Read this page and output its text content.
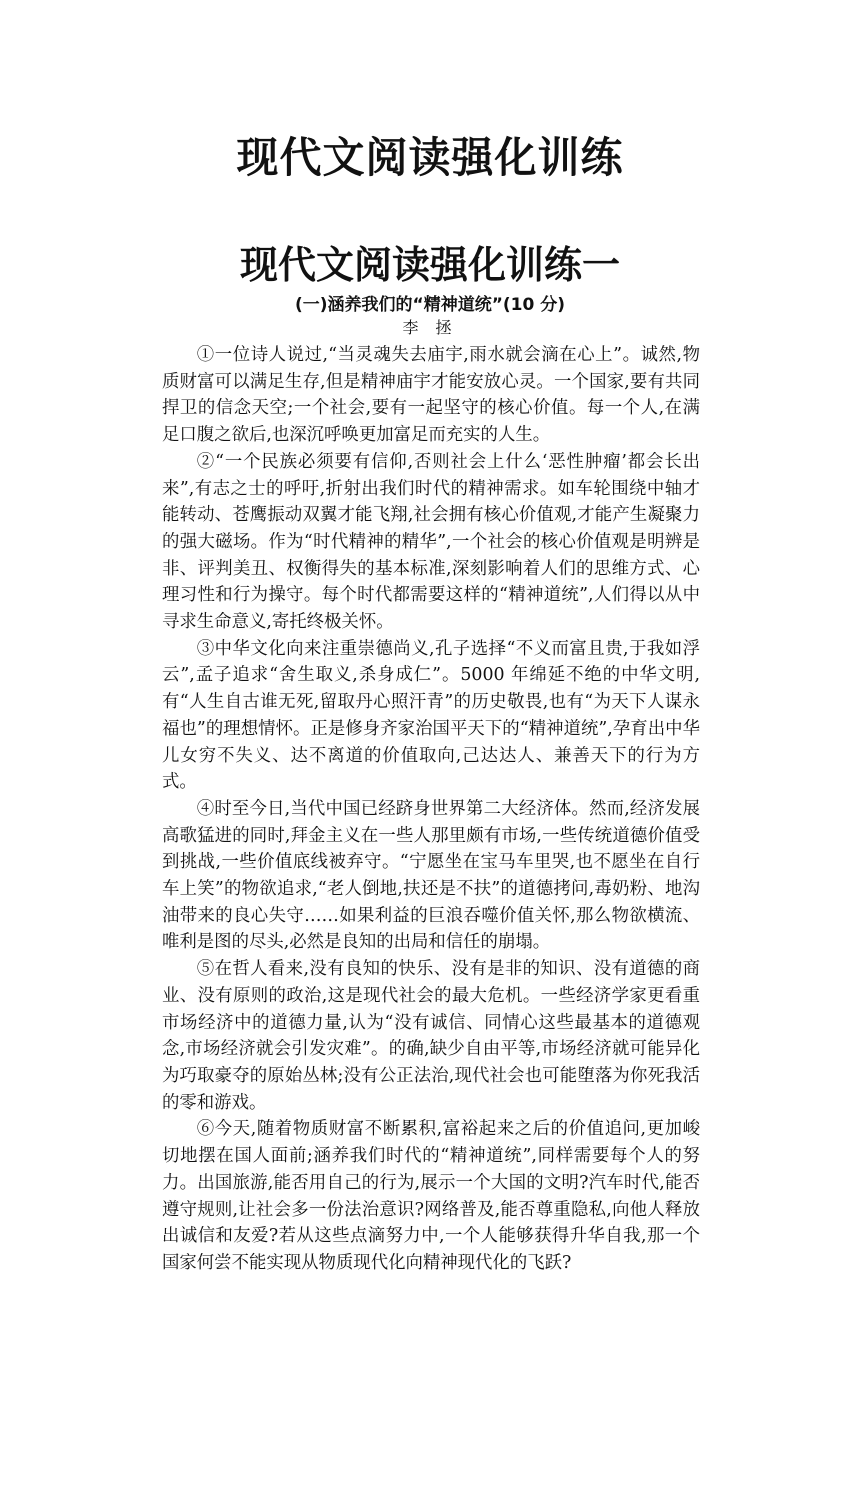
现代文阅读强化训练
现代文阅读强化训练一
(一)涵养我们的“精神道统”(10 分)
李 拯

①一位诗人说过,“当灵魂失去庙宇,雨水就会滴在心上”。诚然,物质财富可以满足生存,但是精神庙宇才能安放心灵。一个国家,要有共同捍卫的信念天空;一个社会,要有一起坚守的核心价值。每一个人,在满足口腹之欲后,也深沉呼唤更加富足而充实的人生。

②“一个民族必须要有信仰,否则社会上什么‘恶性肿瘤’都会长出来”,有志之士的呼吁,折射出我们时代的精神需求。如车轮围绕中轴才能转动、苍鹰振动双翼才能飞翔,社会拥有核心价值观,才能产生凝聚力的强大磁场。作为“时代精神的精华”,一个社会的核心价值观是明辨是非、评判美丑、权衡得失的基本标准,深刻影响着人们的思维方式、心理习性和行为操守。每个时代都需要这样的“精神道统”,人们得以从中寻求生命意义,寄托终极关怀。

③中华文化向来注重崇德尚义,孔子选择“不义而富且贵,于我如浮云”,孟子追求“舍生取义,杀身成仁”。5000 年绵延不绝的中华文明,有“人生自古谁无死,留取丹心照汗青”的历史敬畏,也有“为天下人谋永福也”的理想情怀。正是修身齐家治国平天下的“精神道统”,孕育出中华儿女穷不失义、达不离道的价值取向,己达达人、兼善天下的行为方式。

④时至今日,当代中国已经跻身世界第二大经济体。然而,经济发展高歌猛进的同时,拜金主义在一些人那里颇有市场,一些传统道德价值受到挑战,一些价值底线被弃守。“宁愿坐在宝马车里哭,也不愿坐在自行车上笑”的物欲追求,“老人倒地,扶还是不扶”的道德拷问,毒奶粉、地沟油带来的良心失守……如果利益的巨浪吞噬价值关怀,那么物欲横流、唯利是图的尽头,必然是良知的出局和信任的崩塌。

⑤在哲人看来,没有良知的快乐、没有是非的知识、没有道德的商业、没有原则的政治,这是现代社会的最大危机。一些经济学家更看重市场经济中的道德力量,认为“没有诚信、同情心这些最基本的道德观念,市场经济就会引发灾难”。的确,缺少自由平等,市场经济就可能异化为巧取豪夺的原始丛林;没有公正法治,现代社会也可能堕落为你死我活的零和游戏。

⑥今天,随着物质财富不断累积,富裕起来之后的价值追问,更加峻切地摆在国人面前;涵养我们时代的“精神道统”,同样需要每个人的努力。出国旅游,能否用自己的行为,展示一个大国的文明?汽车时代,能否遵守规则,让社会多一份法治意识?网络普及,能否尊重隐私,向他人释放出诚信和友爱?若从这些点滴努力中,一个人能够获得升华自我,那一个国家何尝不能实现从物质现代化向精神现代化的飞跃?
